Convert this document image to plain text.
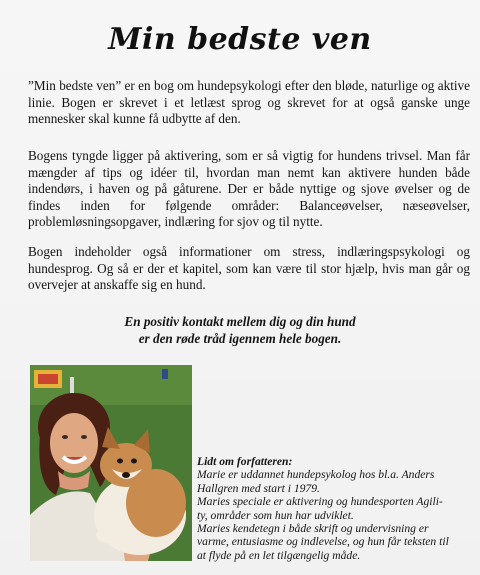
Min bedste ven
”Min bedste ven” er en bog om hundepsykologi efter den bløde, naturlige og aktive linie. Bogen er skrevet i et letlæst sprog og skrevet for at også ganske unge mennesker skal kunne få udbytte af den.
Bogens tyngde ligger på aktivering, som er så vigtig for hundens trivsel. Man får mængder af tips og idéer til, hvordan man nemt kan aktivere hunden både indendørs, i haven og på gåturene. Der er både nyttige og sjove øvelser og de findes inden for følgende områder: Balanceøvelser, næseøvelser, problemløsningsopgaver, indlæring for sjov og til nytte.
Bogen indeholder også informationer om stress, indlæringspsykologi og hundesprog. Og så er der et kapitel, som kan være til stor hjælp, hvis man går og overvejer at anskaffe sig en hund.
En positiv kontakt mellem dig og din hund
er den røde tråd igennem hele bogen.
Lidt om forfatteren:
Marie er uddannet hundepsykolog hos bl.a. Anders
Hallgren med start i 1979.
Maries speciale er aktivering og hundesporten Agili-
ty, områder som hun har udviklet.
Maries kendetegn i både skrift og undervisning er
varme, entusiasme og indlevelse, og hun får teksten til
at flyde på en let tilgængelig måde.
